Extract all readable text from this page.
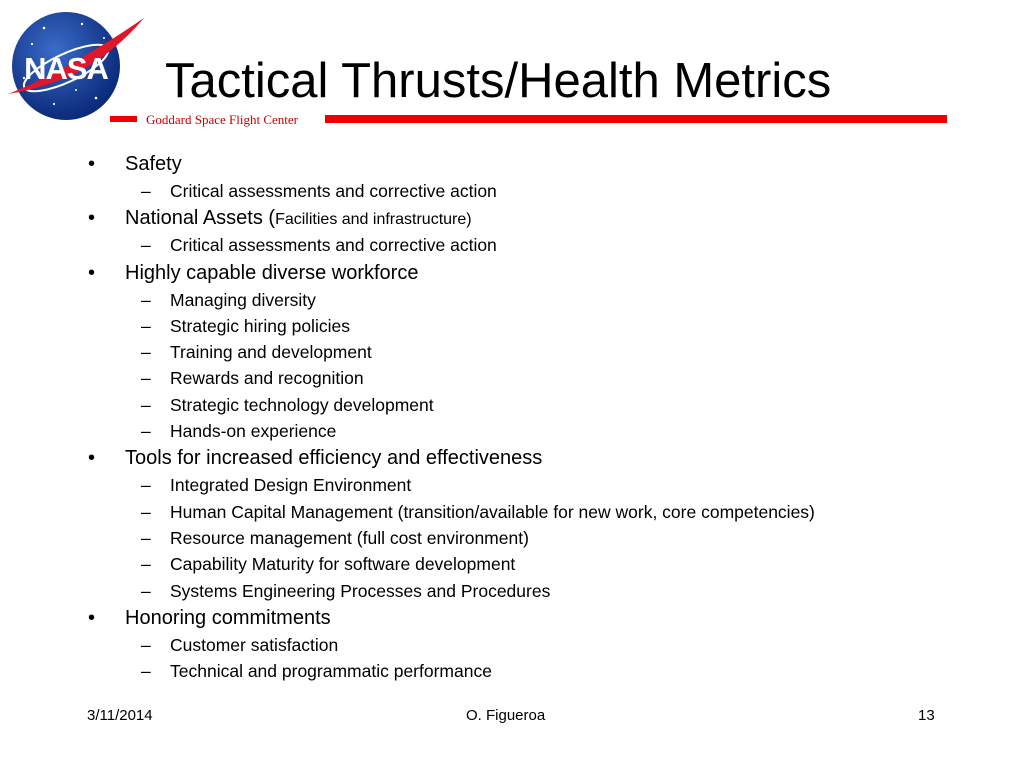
NASA Tactical Thrusts/Health Metrics
Goddard Space Flight Center
• Safety
– Critical assessments and corrective action
• National Assets (Facilities and infrastructure)
– Critical assessments and corrective action
• Highly capable diverse workforce
– Managing diversity
– Strategic hiring policies
– Training and development
– Rewards and recognition
– Strategic technology development
– Hands-on experience
• Tools for increased efficiency and effectiveness
– Integrated Design Environment
– Human Capital Management (transition/available for new work, core competencies)
– Resource management (full cost environment)
– Capability Maturity for software development
– Systems Engineering Processes and Procedures
• Honoring commitments
– Customer satisfaction
– Technical and programmatic performance
3/11/2014	O. Figueroa	13
